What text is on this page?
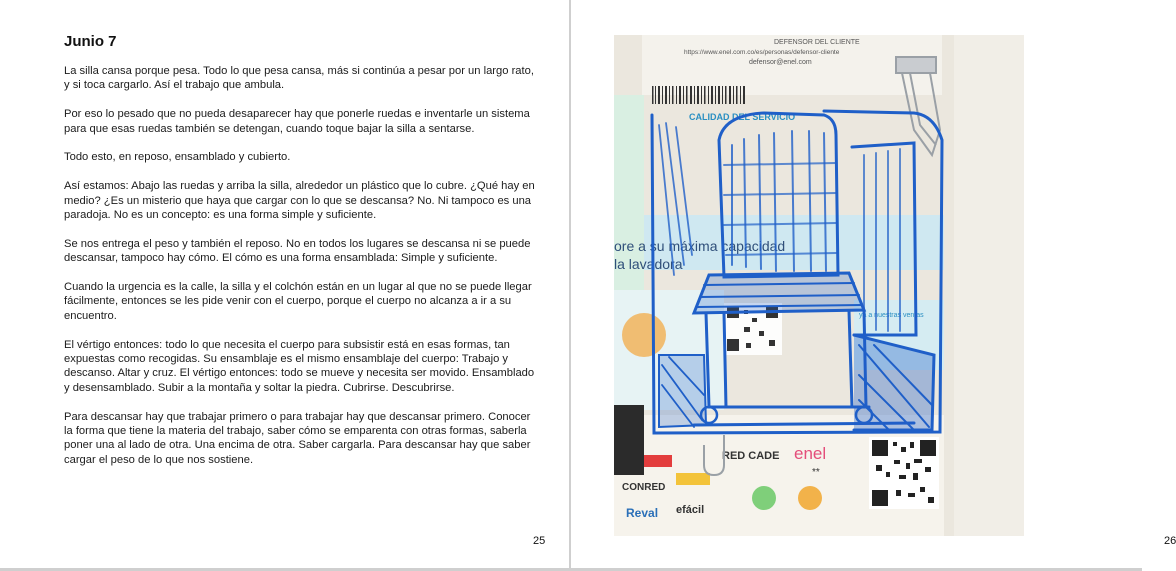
Junio 7

La silla cansa porque pesa. Todo lo que pesa cansa, más si continúa a pesar por un largo rato, y si toca cargarlo. Así el trabajo que ambula.

Por eso lo pesado que no pueda desaparecer hay que ponerle ruedas e inventarle un sistema para que esas ruedas también se detengan, cuando toque bajar la silla a sentarse.

Todo esto, en reposo, ensamblado y cubierto.

Así estamos: Abajo las ruedas y arriba la silla, alrededor un plástico que lo cubre. ¿Qué hay en medio? ¿Es un misterio que haya que cargar con lo que se descansa? No. Ni tampoco es una paradoja. No es un concepto: es una forma simple y suficiente.

Se nos entrega el peso y también el reposo. No en todos los lugares se descansa ni se puede descansar, tampoco hay cómo. El cómo es una forma ensamblada: Simple y suficiente.

Cuando la urgencia es la calle, la silla y el colchón están en un lugar al que no se puede llegar fácilmente, entonces se les pide venir con el cuerpo, porque el cuerpo no alcanza a ir a su encuentro.

El vértigo entonces: todo lo que necesita el cuerpo para subsistir está en esas formas, tan expuestas como recogidas. Su ensamblaje es el mismo ensamblaje del cuerpo: Trabajo y descanso. Altar y cruz. El vértigo entonces: todo se mueve y necesita ser movido. Ensamblado y desensamblado. Subir a la montaña y soltar la piedra. Cubrirse. Descubrirse.

Para descansar hay que trabajar primero o para trabajar hay que descansar primero. Conocer la forma que tiene la materia del trabajo, saber cómo se emparenta con otras formas, saberla poner una al lado de otra. Una encima de otra. Saber cargarla. Para descansar hay que saber cargar el peso de lo que nos sostiene.

25	26
DEFENSOR DEL CLIENTE
https://www.enel.com.co/es/personas/defensor-cliente
defensor@enel.com
CALIDAD DEL SERVICIO
ore a su máxima capacidad
la lavadora
ya a nuestras ventas
RED CADE enel
**
CONRED
Reval efácil
